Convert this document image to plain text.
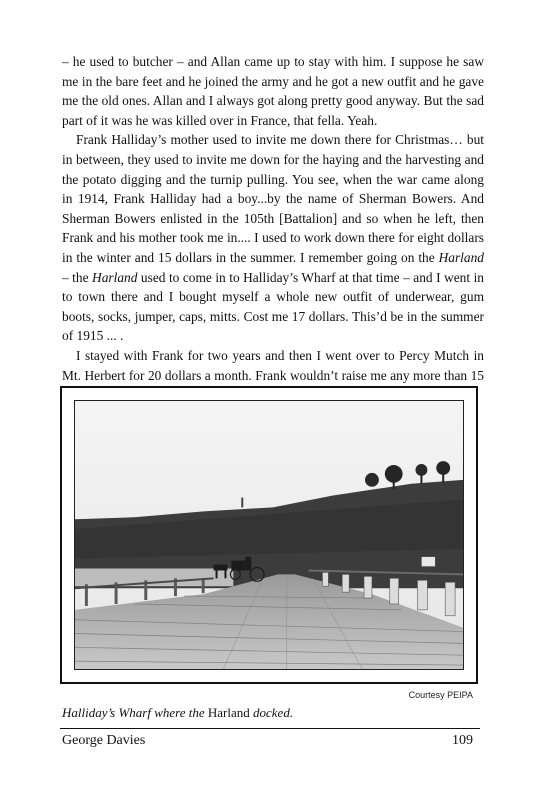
– he used to butcher – and Allan came up to stay with him. I suppose he saw me in the bare feet and he joined the army and he got a new outfit and he gave me the old ones. Allan and I always got along pretty good anyway. But the sad part of it was he was killed over in France, that fella. Yeah.

Frank Halliday’s mother used to invite me down there for Christmas… but in between, they used to invite me down for the haying and the harvesting and the potato digging and the turnip pulling. You see, when the war came along in 1914, Frank Halliday had a boy...by the name of Sherman Bowers. And Sherman Bowers enlisted in the 105th [Battalion] and so when he left, then Frank and his mother took me in.... I used to work down there for eight dollars in the winter and 15 dollars in the summer. I remember going on the Harland – the Harland used to come in to Halliday’s Wharf at that time – and I went in to town there and I bought myself a whole new outfit of underwear, gum boots, socks, jumper, caps, mitts. Cost me 17 dollars. This’d be in the summer of 1915 ... .

I stayed with Frank for two years and then I went over to Percy Mutch in Mt. Herbert for 20 dollars a month. Frank wouldn’t raise me any more than 15

Courtesy PEIPA
Halliday’s Wharf where the Harland docked.
George Davies	109
